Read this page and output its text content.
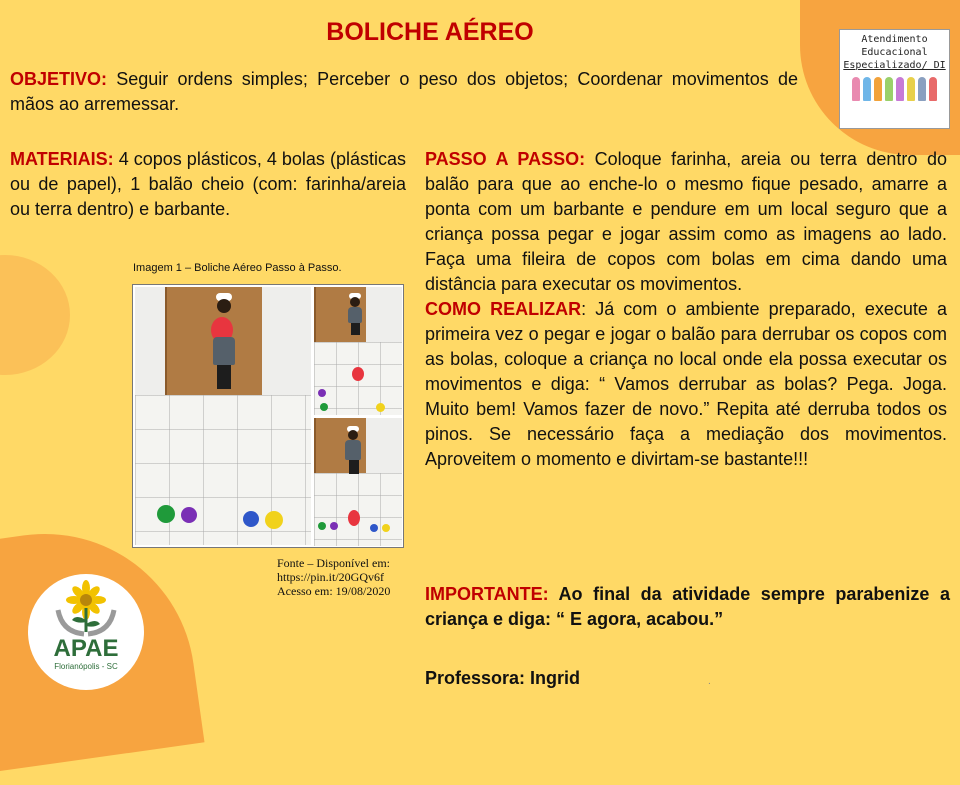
BOLICHE AÉREO

OBJETIVO: Seguir ordens simples; Perceber o peso dos objetos; Coordenar movimentos de mãos ao arremessar.

MATERIAIS: 4 copos plásticos, 4 bolas (plásticas ou de papel), 1 balão cheio (com: farinha/areia ou terra dentro) e barbante.

PASSO A PASSO: Coloque farinha, areia ou terra dentro do balão para que ao enche-lo o mesmo fique pesado, amarre a ponta com um barbante e pendure em um local seguro que a criança possa pegar e jogar assim como as imagens ao lado. Faça uma fileira de copos com bolas em cima dando uma distância para executar os movimentos.
COMO REALIZAR: Já com o ambiente preparado, execute a primeira vez o pegar e jogar o balão para derrubar os copos com as bolas, coloque a criança no local onde ela possa executar os movimentos e diga: “ Vamos derrubar as bolas? Pega. Joga. Muito bem! Vamos fazer de novo.” Repita até derruba todos os pinos. Se necessário faça a mediação dos movimentos. Aproveitem o momento e divirtam-se bastante!!!

IMPORTANTE: Ao final da atividade sempre parabenize a criança e diga: “ E agora, acabou.”

Professora: Ingrid

Imagem 1 – Boliche Aéreo Passo à Passo.
Fonte – Disponível em:
https://pin.it/20GQv6f
Acesso em: 19/08/2020
Atendimento
Educacional
Especializado/ DI
APAE
Florianópolis - SC
.
